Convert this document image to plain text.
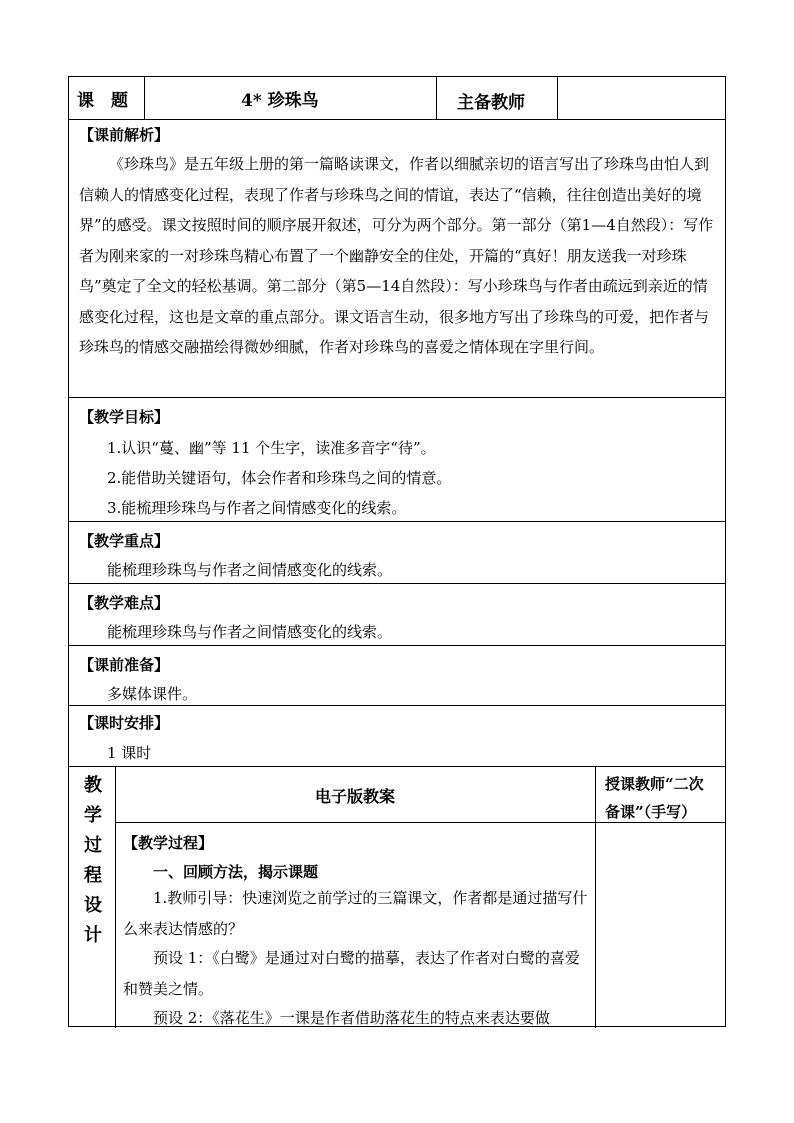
课　题	4* 珍珠鸟	主备教师
【课前解析】
《珍珠鸟》是五年级上册的第一篇略读课文，作者以细腻亲切的语言写出了珍珠鸟由怕人到信赖人的情感变化过程，表现了作者与珍珠鸟之间的情谊，表达了“信赖，往往创造出美好的境界”的感受。课文按照时间的顺序展开叙述，可分为两个部分。第一部分（第1—4自然段）：写作者为刚来家的一对珍珠鸟精心布置了一个幽静安全的住处，开篇的“真好！朋友送我一对珍珠鸟”奠定了全文的轻松基调。第二部分（第5—14自然段）：写小珍珠鸟与作者由疏远到亲近的情感变化过程，这也是文章的重点部分。课文语言生动，很多地方写出了珍珠鸟的可爱，把作者与珍珠鸟的情感交融描绘得微妙细腻，作者对珍珠鸟的喜爱之情体现在字里行间。
【教学目标】
1.认识“蔓、幽”等 11 个生字，读准多音字“待”。
2.能借助关键语句，体会作者和珍珠鸟之间的情意。
3.能梳理珍珠鸟与作者之间情感变化的线索。
【教学重点】
能梳理珍珠鸟与作者之间情感变化的线索。
【教学难点】
能梳理珍珠鸟与作者之间情感变化的线索。
【课前准备】
多媒体课件。
【课时安排】
1 课时
教
学
过
程
设
计
电子版教案
授课教师“二次
备课”（手写）
【教学过程】
一、回顾方法，揭示课题
1.教师引导：快速浏览之前学过的三篇课文，作者都是通过描写什么来表达情感的？
预设 1：《白鹭》是通过对白鹭的描摹，表达了作者对白鹭的喜爱和赞美之情。
预设 2：《落花生》一课是作者借助落花生的特点来表达要做
